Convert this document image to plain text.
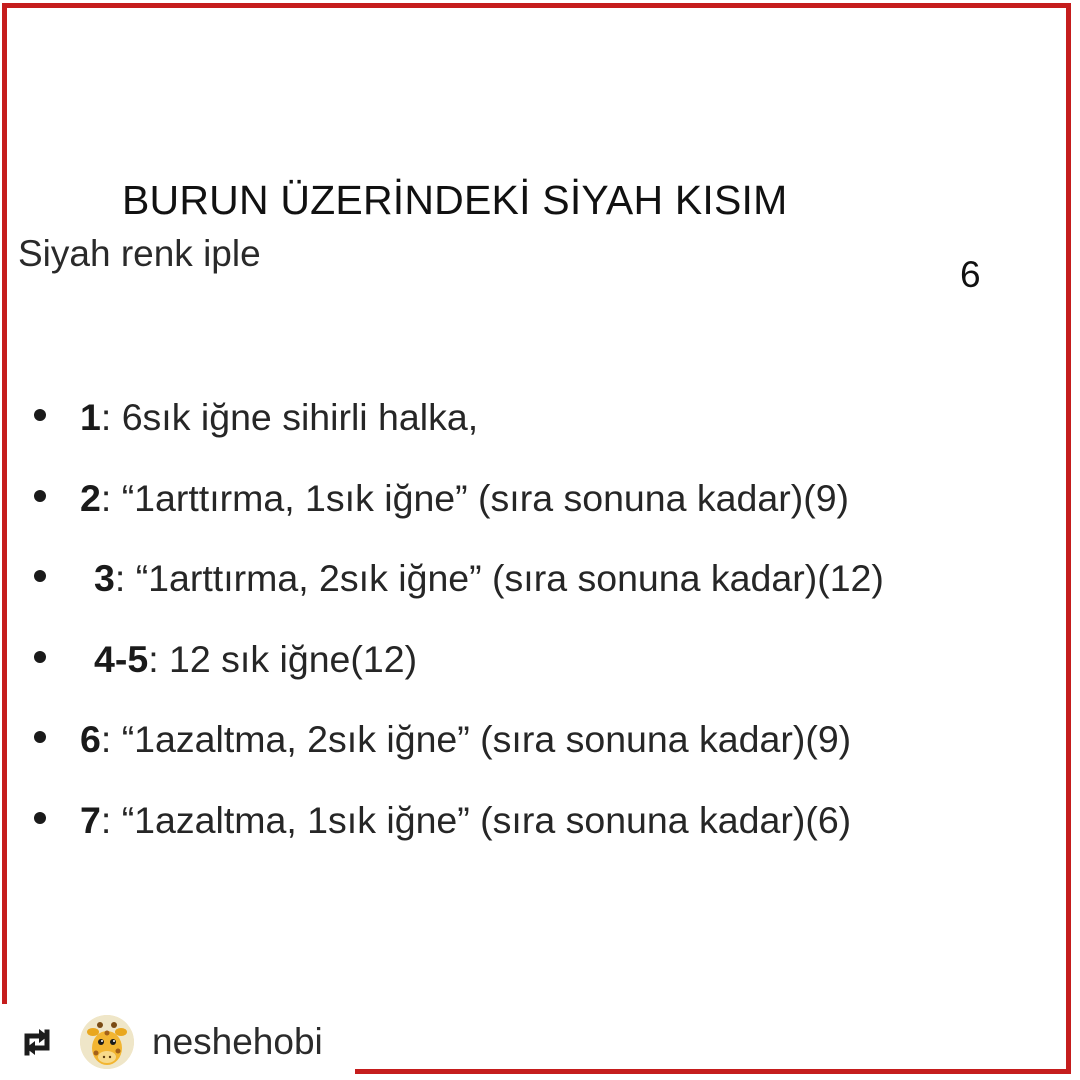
BURUN ÜZERİNDEKİ SİYAH KISIM
Siyah renk iple
6
1: 6sık iğne sihirli halka,
2: “1arttırma, 1sık iğne” (sıra sonuna kadar)(9)
3: “1arttırma, 2sık iğne” (sıra sonuna kadar)(12)
4-5: 12 sık iğne(12)
6: “1azaltma, 2sık iğne” (sıra sonuna kadar)(9)
7: “1azaltma, 1sık iğne” (sıra sonuna kadar)(6)
neshehobi
